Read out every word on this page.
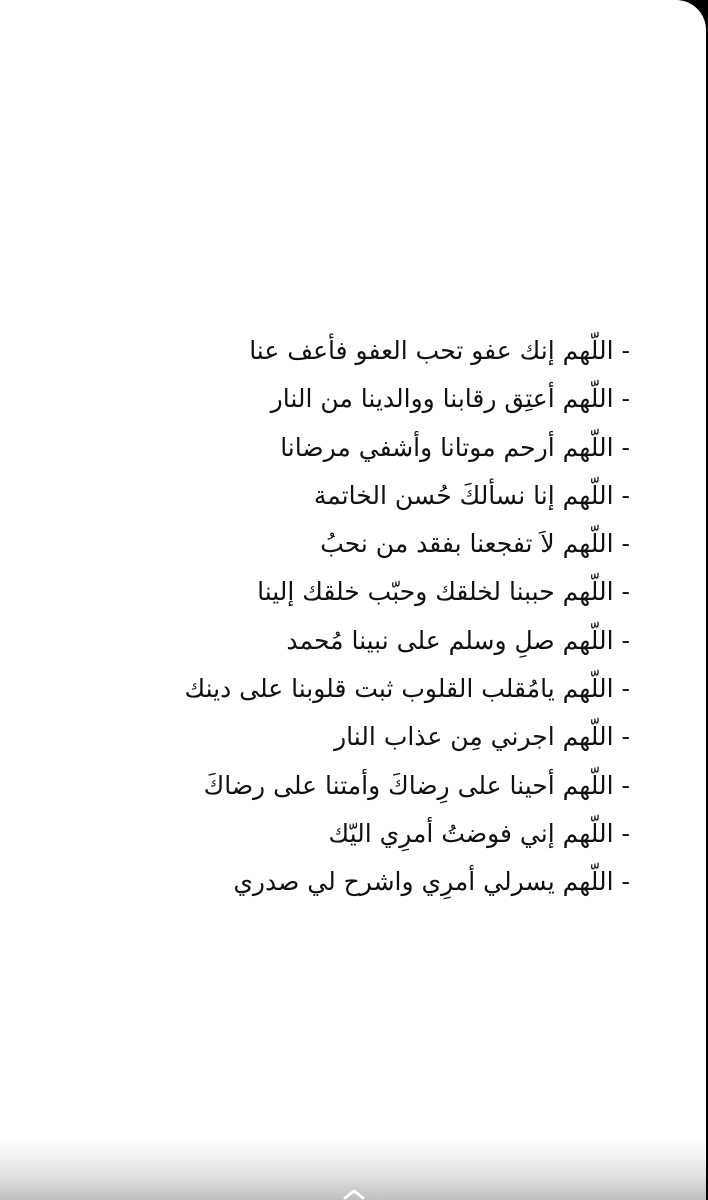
- اللّهم إنك عفو تحب العفو فأعف عنا
- اللّهم أعتِق رقابنا ووالدينا من النار
- اللّهم أرحم موتانا وأشفي مرضانا
- اللّهم إنا نسألكَ حُسن الخاتمة
- اللّهم لاَ تفجعنا بفقد من نحبُ
- اللّهم حببنا لخلقك وحبّب خلقك إلينا
- اللّهم صلِ وسلم على نبينا مُحمد
- اللّهم يامُقلب القلوب ثبت قلوبنا على دينك
- اللّهم اجرني مِن عذاب النار
- اللّهم أحينا على رِضاكَ وأمتنا على رضاكَ
- اللّهم إني فوضتُ أمرِي اليّك
- اللّهم يسرلي أمرِي واشرح لي صدري
